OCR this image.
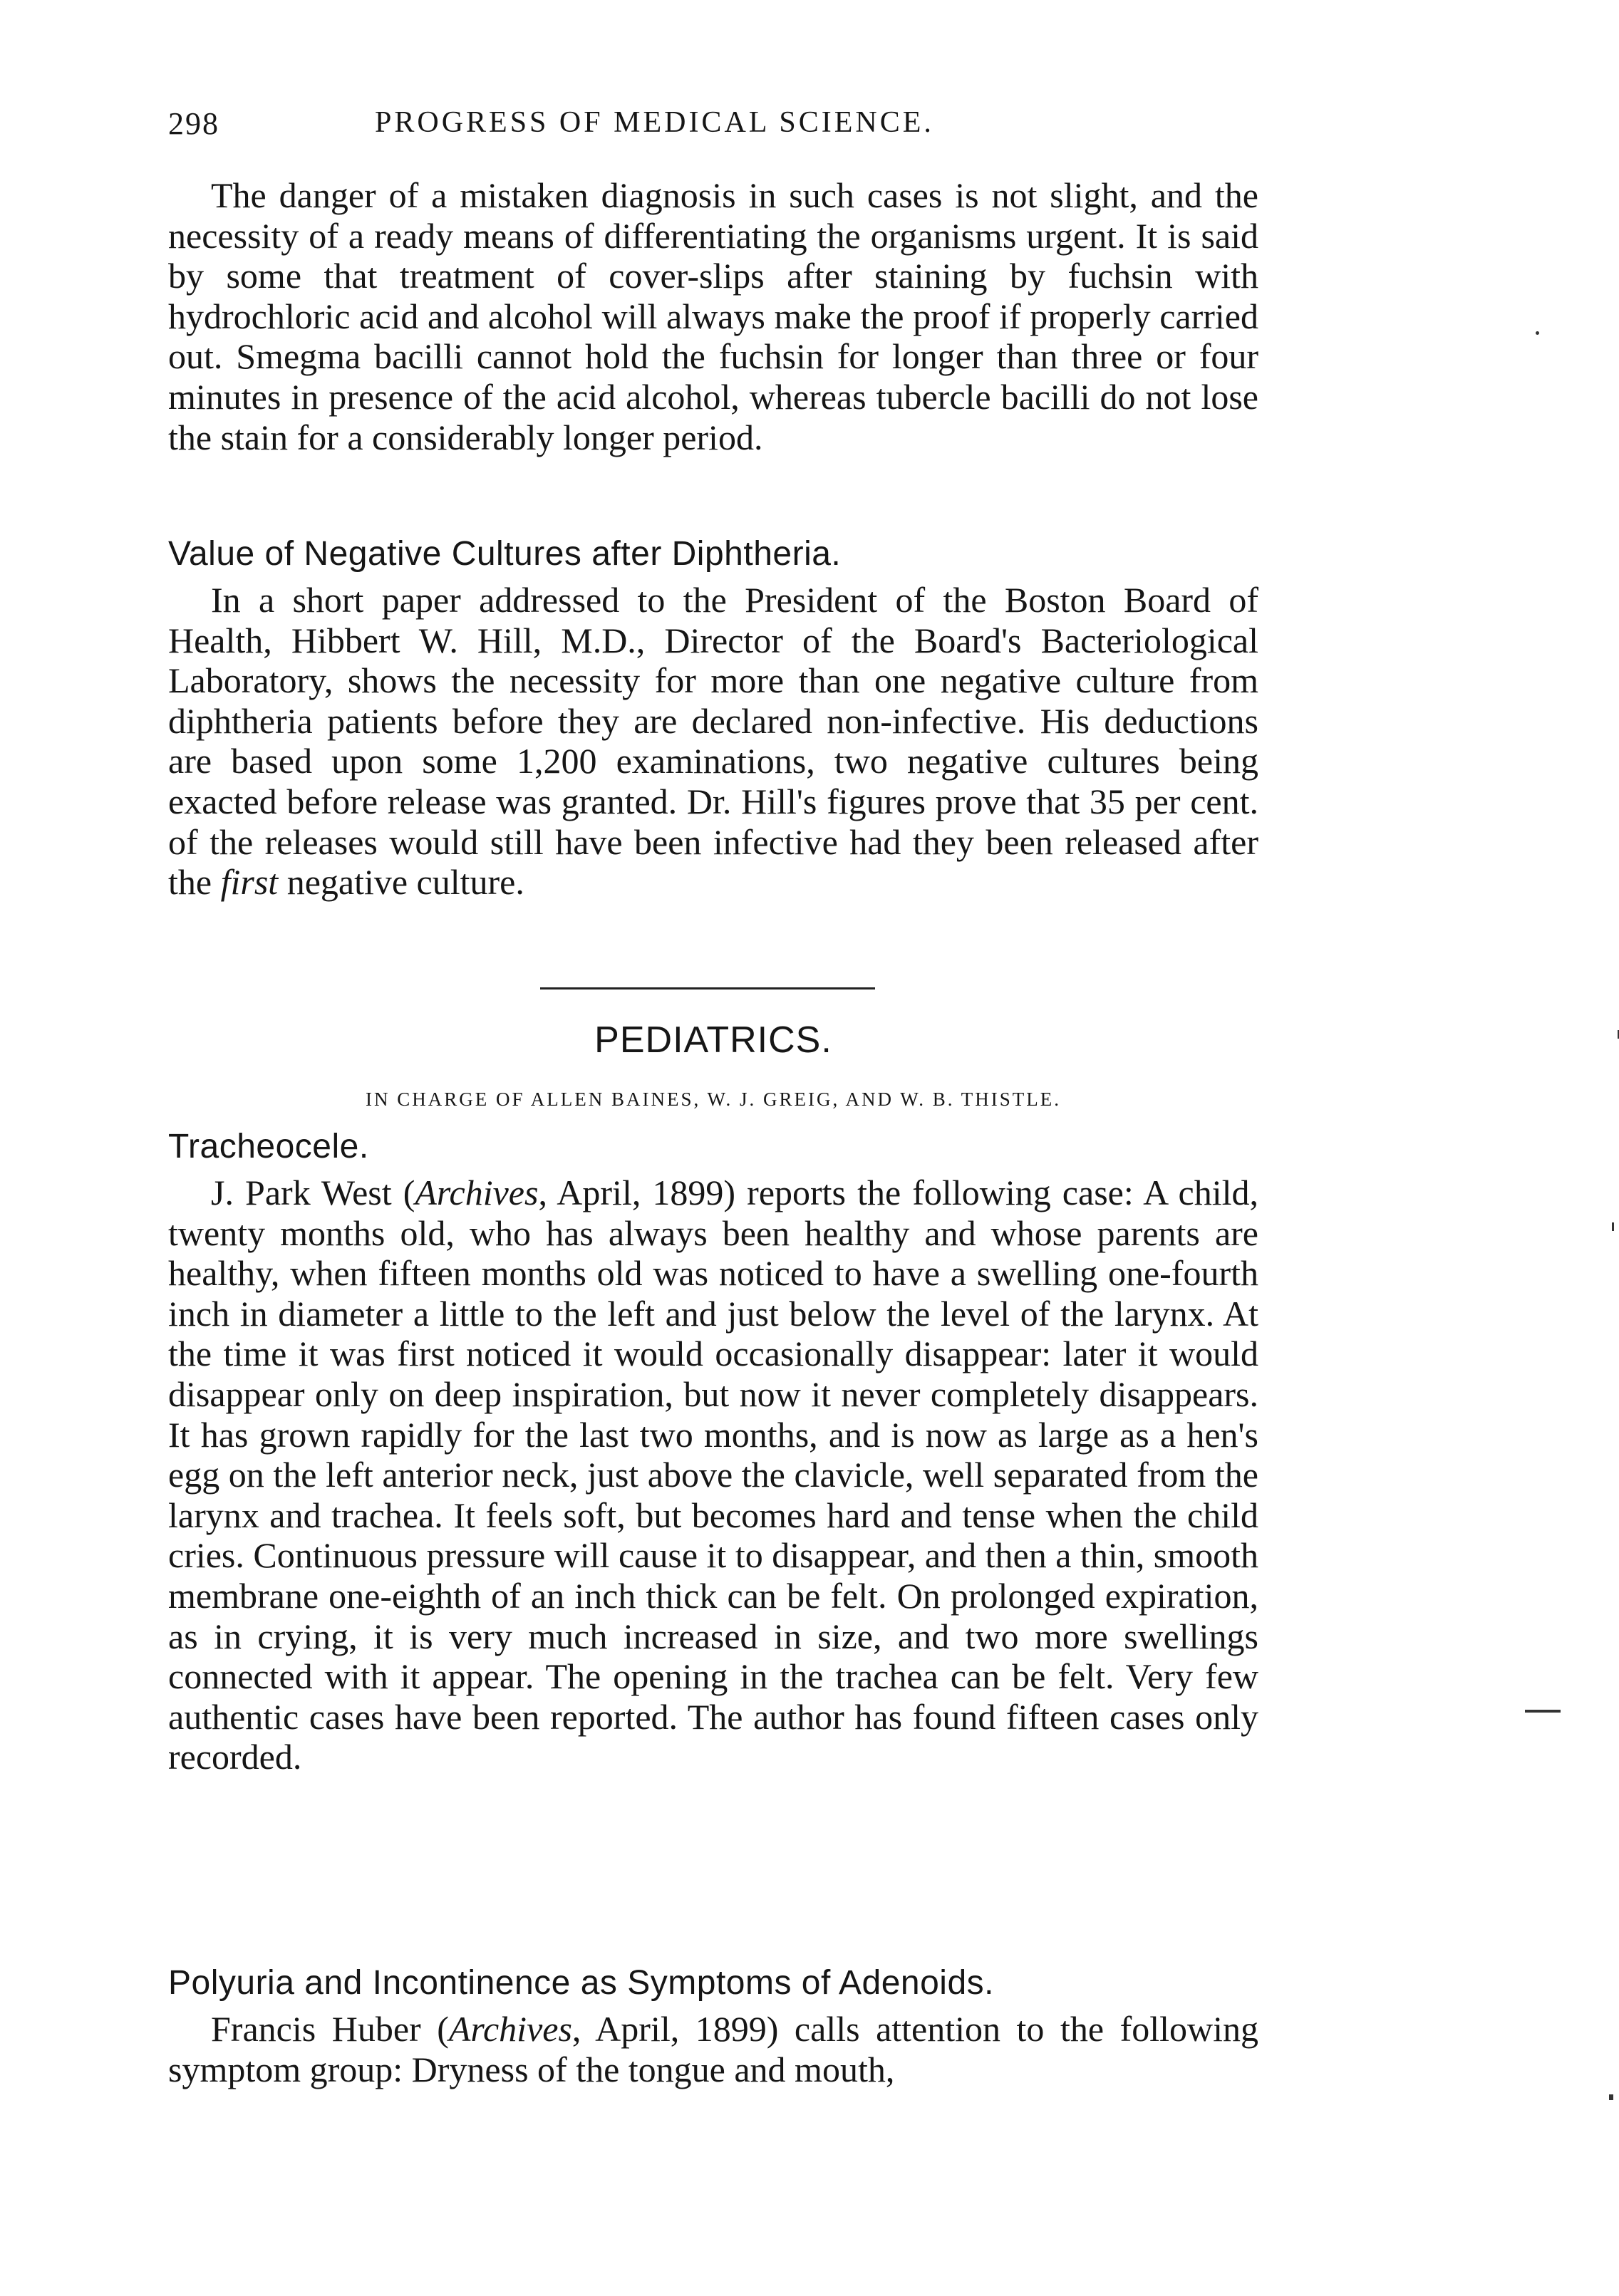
298	PROGRESS OF MEDICAL SCIENCE.

The danger of a mistaken diagnosis in such cases is not slight, and the necessity of a ready means of differentiating the organisms urgent. It is said by some that treatment of cover-slips after staining by fuchsin with hydrochloric acid and alcohol will always make the proof if properly carried out. Smegma bacilli cannot hold the fuchsin for longer than three or four minutes in presence of the acid alcohol, whereas tubercle bacilli do not lose the stain for a considerably longer period.

Value of Negative Cultures after Diphtheria.

In a short paper addressed to the President of the Boston Board of Health, Hibbert W. Hill, M.D., Director of the Board's Bacteriological Laboratory, shows the necessity for more than one negative culture from diphtheria patients before they are declared non-infective. His deductions are based upon some 1,200 examinations, two negative cultures being exacted before release was granted. Dr. Hill's figures prove that 35 per cent. of the releases would still have been infective had they been released after the first negative culture.

PEDIATRICS.
IN CHARGE OF ALLEN BAINES, W. J. GREIG, AND W. B. THISTLE.
Tracheocele.

J. Park West (Archives, April, 1899) reports the following case: A child, twenty months old, who has always been healthy and whose parents are healthy, when fifteen months old was noticed to have a swelling one-fourth inch in diameter a little to the left and just below the level of the larynx. At the time it was first noticed it would occasionally disappear: later it would disappear only on deep inspiration, but now it never completely disappears. It has grown rapidly for the last two months, and is now as large as a hen's egg on the left anterior neck, just above the clavicle, well separated from the larynx and trachea. It feels soft, but becomes hard and tense when the child cries. Continuous pressure will cause it to disappear, and then a thin, smooth membrane one-eighth of an inch thick can be felt. On prolonged expiration, as in crying, it is very much increased in size, and two more swellings connected with it appear. The opening in the trachea can be felt. Very few authentic cases have been reported. The author has found fifteen cases only recorded.

Polyuria and Incontinence as Symptoms of Adenoids.

Francis Huber (Archives, April, 1899) calls attention to the following symptom group: Dryness of the tongue and mouth,
